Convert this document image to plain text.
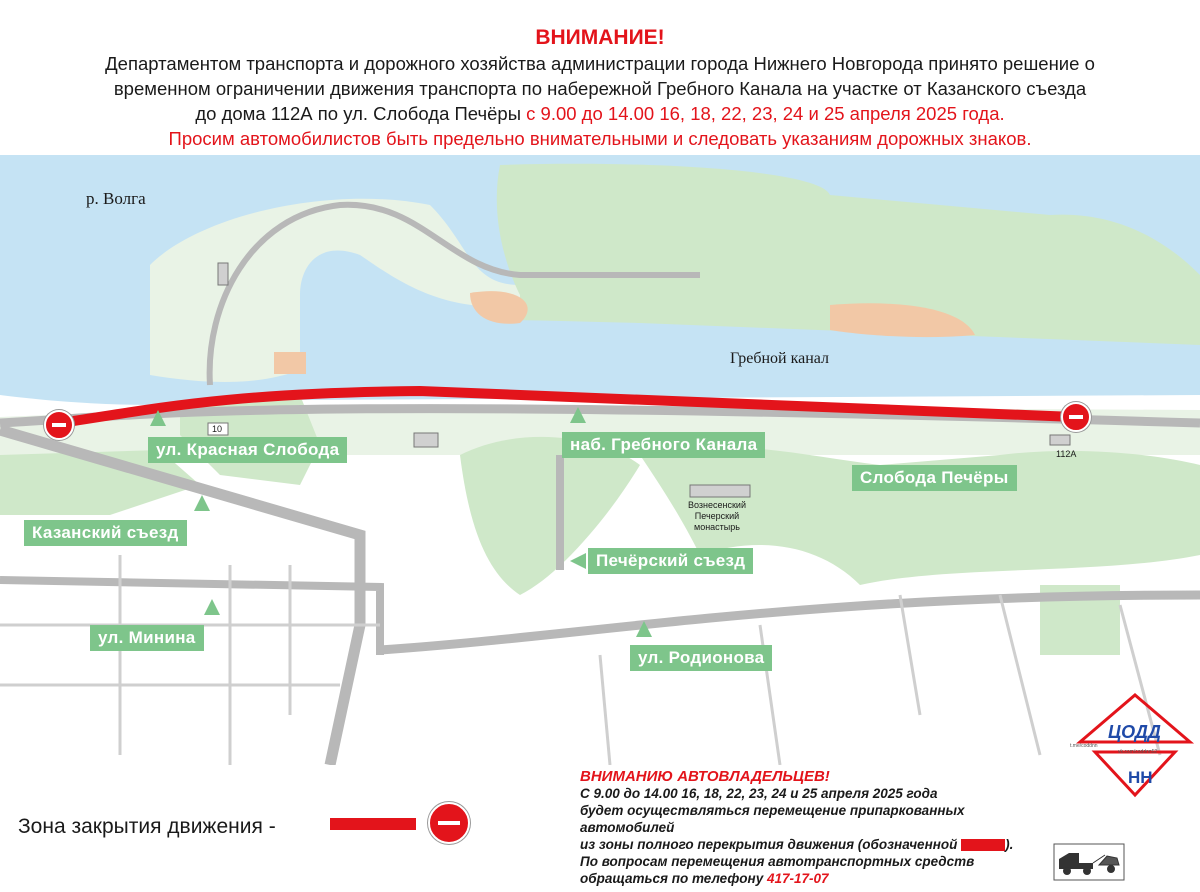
ВНИМАНИЕ!
Департаментом транспорта и дорожного хозяйства администрации города Нижнего Новгорода принято решение о
временном ограничении движения транспорта по набережной Гребного Канала на участке от Казанского съезда
до дома 112А по ул. Слобода Печёры с 9.00 до 14.00 16, 18, 22, 23, 24 и 25 апреля 2025 года.
Просим автомобилистов быть предельно внимательными и следовать указаниям дорожных знаков.
р. Волга
Гребной канал
10
112А
Вознесенский
Печерский
монастырь
ул. Красная Слобода	наб. Гребного Канала
Слобода Печёры
Казанский съезд
Печёрский съезд
ул. Минина
ул. Родионова
ЦОДД
НН
t.me/coddnn
vk.com/coddnn52
Зона закрытия движения -
ВНИМАНИЮ АВТОВЛАДЕЛЬЦЕВ!
С 9.00 до 14.00 16, 18, 22, 23, 24 и 25 апреля 2025 года
будет осуществляться перемещение припаркованных автомобилей
из зоны полного перекрытия движения (обозначенной	).
По вопросам перемещения автотранспортных средств
обращаться по телефону 417-17-07
